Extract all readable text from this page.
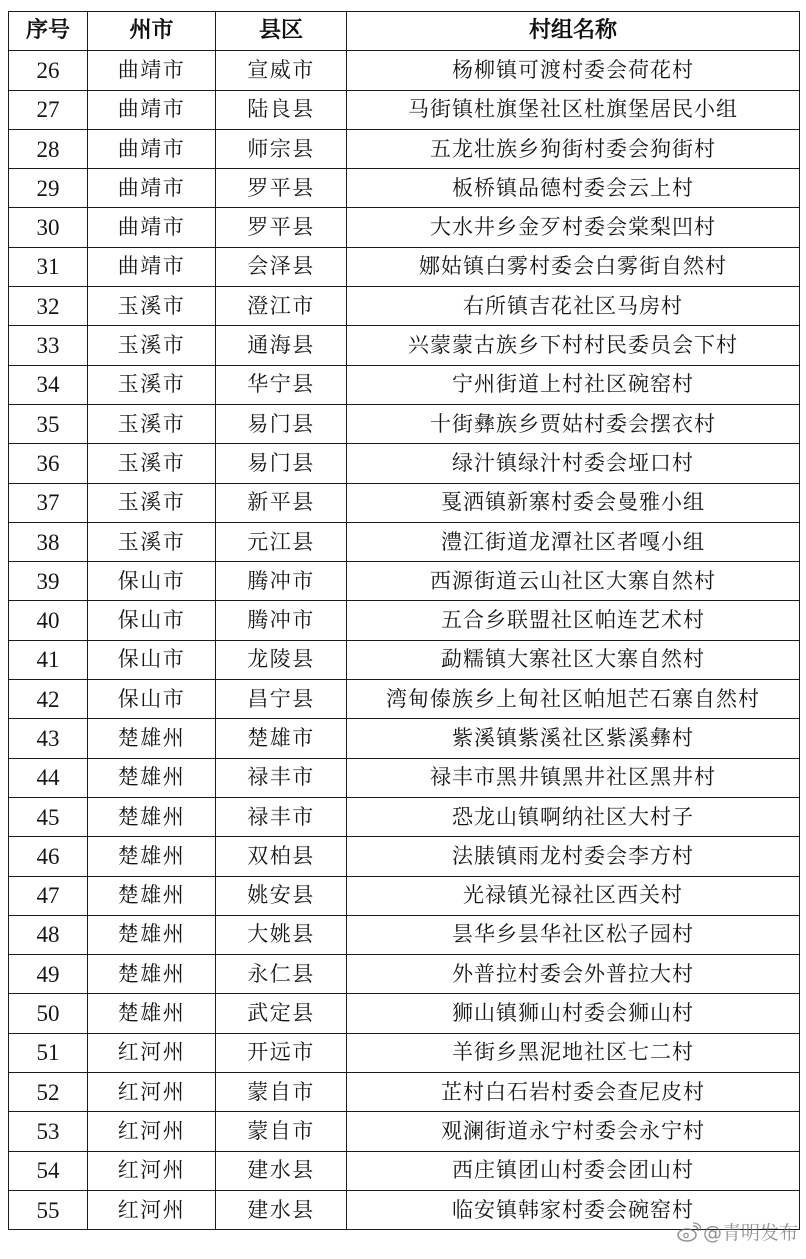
序号	州市	县区	村组名称
26	曲靖市	宣威市	杨柳镇可渡村委会荷花村
27	曲靖市	陆良县	马街镇杜旗堡社区杜旗堡居民小组
28	曲靖市	师宗县	五龙壮族乡狗街村委会狗街村
29	曲靖市	罗平县	板桥镇品德村委会云上村
30	曲靖市	罗平县	大水井乡金歹村委会棠梨凹村
31	曲靖市	会泽县	娜姑镇白雾村委会白雾街自然村
32	玉溪市	澄江市	右所镇吉花社区马房村
33	玉溪市	通海县	兴蒙蒙古族乡下村村民委员会下村
34	玉溪市	华宁县	宁州街道上村社区碗窑村
35	玉溪市	易门县	十街彝族乡贾姑村委会摆衣村
36	玉溪市	易门县	绿汁镇绿汁村委会垭口村
37	玉溪市	新平县	戛洒镇新寨村委会曼雅小组
38	玉溪市	元江县	澧江街道龙潭社区者嘎小组
39	保山市	腾冲市	西源街道云山社区大寨自然村
40	保山市	腾冲市	五合乡联盟社区帕连艺术村
41	保山市	龙陵县	勐糯镇大寨社区大寨自然村
42	保山市	昌宁县	湾甸傣族乡上甸社区帕旭芒石寨自然村
43	楚雄州	楚雄市	紫溪镇紫溪社区紫溪彝村
44	楚雄州	禄丰市	禄丰市黑井镇黑井社区黑井村
45	楚雄州	禄丰市	恐龙山镇啊纳社区大村子
46	楚雄州	双柏县	法脿镇雨龙村委会李方村
47	楚雄州	姚安县	光禄镇光禄社区西关村
48	楚雄州	大姚县	昙华乡昙华社区松子园村
49	楚雄州	永仁县	外普拉村委会外普拉大村
50	楚雄州	武定县	狮山镇狮山村委会狮山村
51	红河州	开远市	羊街乡黑泥地社区七二村
52	红河州	蒙自市	芷村白石岩村委会查尼皮村
53	红河州	蒙自市	观澜街道永宁村委会永宁村
54	红河州	建水县	西庄镇团山村委会团山村
55	红河州	建水县	临安镇韩家村委会碗窑村
@青明发布
